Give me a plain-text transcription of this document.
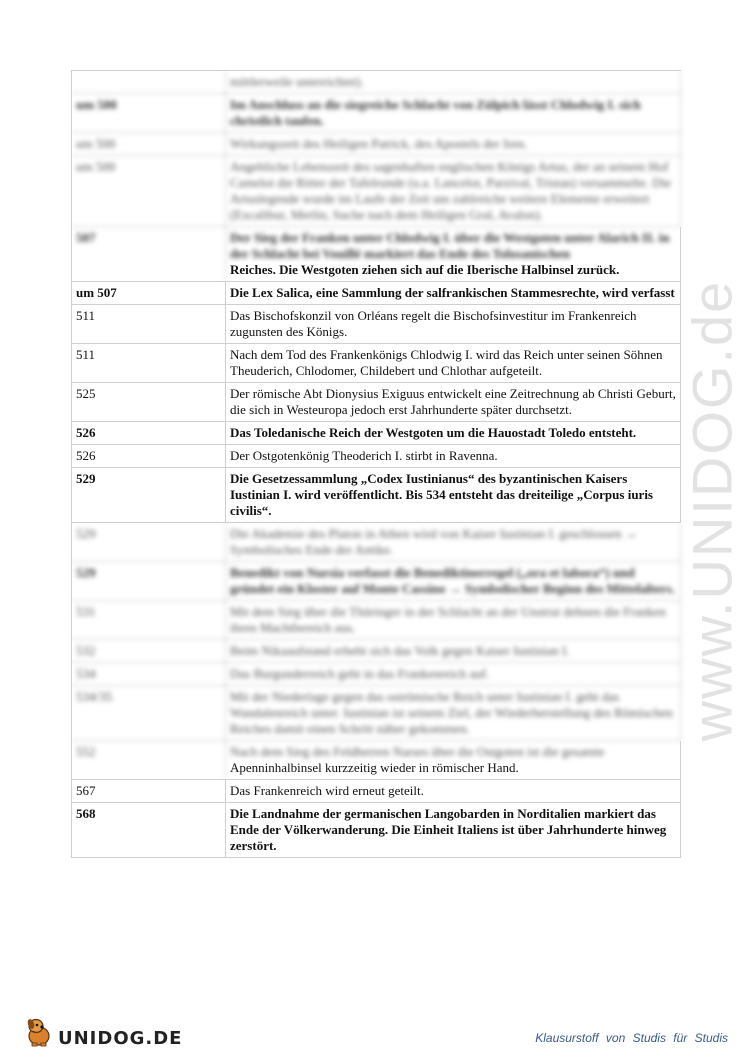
mittlerweile unterrichtet).
um 500	Im Anschluss an die siegreiche Schlacht von Zülpich lässt Chlodwig I. sich christlich taufen.
um 500	Wirkungszeit des Heiligen Patrick, des Apostels der Iren.
um 500	Angebliche Lebenszeit des sagenhaften englischen Königs Artus, der an seinem Hof Camelot die Ritter der Tafelrunde (u.a. Lancelot, Parzival, Tristan) versammelte. Die Artuslegende wurde im Laufe der Zeit um zahlreiche weitere Elemente erweitert (Excalibur, Merlin, Suche nach dem Heiligen Gral, Avalon).
507	Der Sieg der Franken unter Chlodwig I. über die Westgoten unter Alarich II. in der Schlacht bei Vouillé markiert das Ende des Tolosanischen
Reiches. Die Westgoten ziehen sich auf die Iberische Halbinsel zurück.
um 507	Die Lex Salica, eine Sammlung der salfrankischen Stammesrechte, wird verfasst
511	Das Bischofskonzil von Orléans regelt die Bischofsinvestitur im Frankenreich zugunsten des Königs.
511	Nach dem Tod des Frankenkönigs Chlodwig I. wird das Reich unter seinen Söhnen Theuderich, Chlodomer, Childebert und Chlothar aufgeteilt.
525	Der römische Abt Dionysius Exiguus entwickelt eine Zeitrechnung ab Christi Geburt, die sich in Westeuropa jedoch erst Jahrhunderte später durchsetzt.
526	Das Toledanische Reich der Westgoten um die Hauostadt Toledo entsteht.
526	Der Ostgotenkönig Theoderich I. stirbt in Ravenna.
529	Die Gesetzessammlung „Codex Iustinianus“ des byzantinischen Kaisers Iustinian I. wird veröffentlicht. Bis 534 entsteht das dreiteilige „Corpus iuris civilis“.
529	Die Akademie des Platon in Athen wird von Kaiser Iustinian I. geschlossen → Symbolisches Ende der Antike.
529	Benedikt von Nursia verfasst die Benediktinerregel („ora et labora“) und gründet ein Kloster auf Monte Cassino → Symbolischer Beginn des Mittelalters.
531	Mit dem Sieg über die Thüringer in der Schlacht an der Unstrut dehnen die Franken ihren Machtbereich aus.
532	Beim Nikaaufstand erhebt sich das Volk gegen Kaiser Iustinian I.
534	Das Burgunderreich geht in das Frankenreich auf.
534/35	Mit der Niederlage gegen das oströmische Reich unter Iustinian I. geht das Wandalenreich unter. Iustinian ist seinem Ziel, der Wiederherstellung des Römischen Reiches damit einen Schritt näher gekommen.
552	Nach dem Sieg des Feldherren Narses über die Ostgoten ist die gesamte
Apenninhalbinsel kurzzeitig wieder in römischer Hand.
567	Das Frankenreich wird erneut geteilt.
568	Die Landnahme der germanischen Langobarden in Norditalien markiert das Ende der Völkerwanderung. Die Einheit Italiens ist über Jahrhunderte hinweg zerstört.
www.UNIDOG.de
UNIDOG.DE	Klausurstoff von Studis für Studis
